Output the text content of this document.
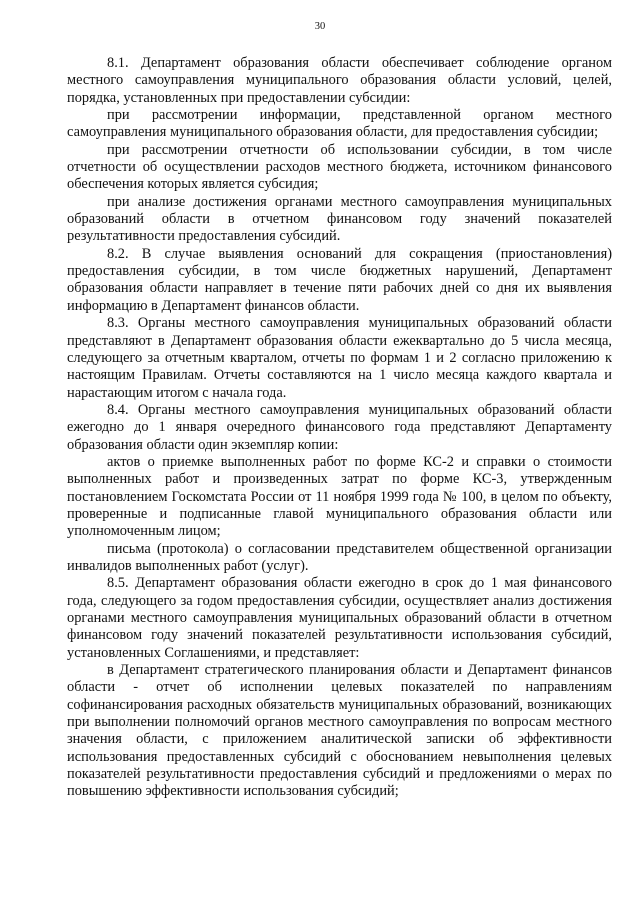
30

8.1. Департамент образования области обеспечивает соблюдение органом местного самоуправления муниципального образования области условий, целей, порядка, установленных при предоставлении субсидии:

при рассмотрении информации, представленной органом местного самоуправления муниципального образования области, для предоставления субсидии;

при рассмотрении отчетности об использовании субсидии, в том числе отчетности об осуществлении расходов местного бюджета, источником финансового обеспечения которых является субсидия;

при анализе достижения органами местного самоуправления муниципальных образований области в отчетном финансовом году значений показателей результативности предоставления субсидий.

8.2. В случае выявления оснований для сокращения (приостановления) предоставления субсидии, в том числе бюджетных нарушений, Департамент образования области направляет в течение пяти рабочих дней со дня их выявления информацию в Департамент финансов области.

8.3. Органы местного самоуправления муниципальных образований области представляют в Департамент образования области ежеквартально до 5 числа месяца, следующего за отчетным кварталом, отчеты по формам 1 и 2 согласно приложению к настоящим Правилам. Отчеты составляются на 1 число месяца каждого квартала и нарастающим итогом с начала года.

8.4. Органы местного самоуправления муниципальных образований области ежегодно до 1 января очередного финансового года представляют Департаменту образования области один экземпляр копии:

актов о приемке выполненных работ по форме КС-2 и справки о стоимости выполненных работ и произведенных затрат по форме КС-3, утвержденным постановлением Госкомстата России от 11 ноября 1999 года № 100, в целом по объекту, проверенные и подписанные главой муниципального образования области или уполномоченным лицом;

письма (протокола) о согласовании представителем общественной организации инвалидов выполненных работ (услуг).

8.5. Департамент образования области ежегодно в срок до 1 мая финансового года, следующего за годом предоставления субсидии, осуществляет анализ достижения органами местного самоуправления муниципальных образований области в отчетном финансовом году значений показателей результативности использования субсидий, установленных Соглашениями, и представляет:

в Департамент стратегического планирования области и Департамент финансов области - отчет об исполнении целевых показателей по направлениям софинансирования расходных обязательств муниципальных образований, возникающих при выполнении полномочий органов местного самоуправления по вопросам местного значения области, с приложением аналитической записки об эффективности использования предоставленных субсидий с обоснованием невыполнения целевых показателей результативности предоставления субсидий и предложениями о мерах по повышению эффективности использования субсидий;
